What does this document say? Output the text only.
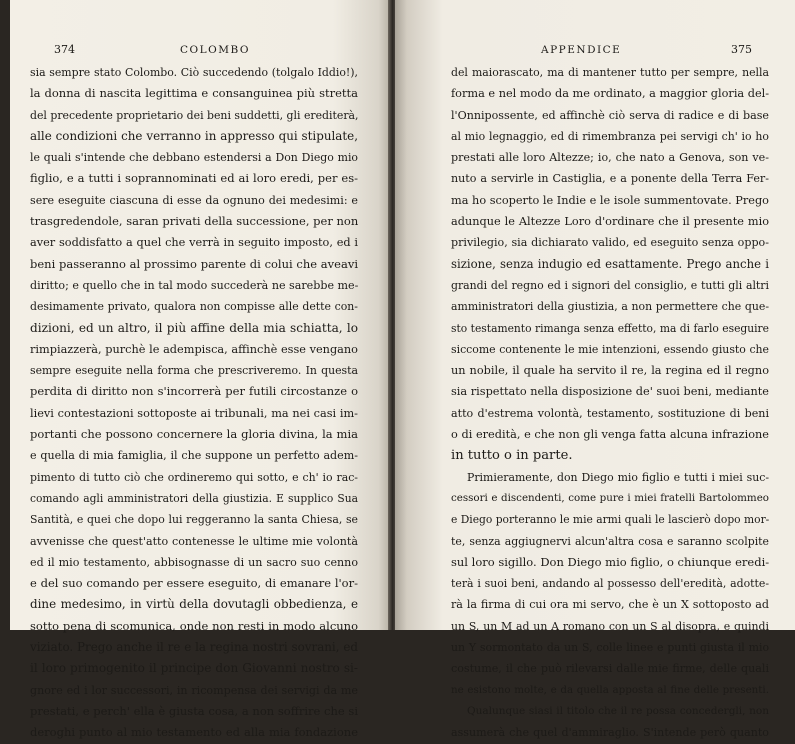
374	COLOMBO
sia sempre stato Colombo. Ciò succedendo (tolgalo Iddio!),
la donna di nascita legittima e consanguinea più stretta
del precedente proprietario dei beni suddetti, gli erediterà,
alle condizioni che verranno in appresso qui stipulate,
le quali s'intende che debbano estendersi a Don Diego mio
figlio, e a tutti i soprannominati ed ai loro eredi, per es-
sere eseguite ciascuna di esse da ognuno dei medesimi: e
trasgredendole, saran privati della successione, per non
aver soddisfatto a quel che verrà in seguito imposto, ed i
beni passeranno al prossimo parente di colui che aveavi
diritto; e quello che in tal modo succederà ne sarebbe me-
desimamente privato, qualora non compisse alle dette con-
dizioni, ed un altro, il più affine della mia schiatta, lo
rimpiazzerà, purchè le adempisca, affinchè esse vengano
sempre eseguite nella forma che prescriveremo. In questa
perdita di diritto non s'incorrerà per futili circostanze o
lievi contestazioni sottoposte ai tribunali, ma nei casi im-
portanti che possono concernere la gloria divina, la mia
e quella di mia famiglia, il che suppone un perfetto adem-
pimento di tutto ciò che ordineremo qui sotto, e ch' io rac-
comando agli amministratori della giustizia. E supplico Sua
Santità, e quei che dopo lui reggeranno la santa Chiesa, se
avvenisse che quest'atto contenesse le ultime mie volontà
ed il mio testamento, abbisognasse di un sacro suo cenno
e del suo comando per essere eseguito, di emanare l'or-
dine medesimo, in virtù della dovutagli obbedienza, e
sotto pena di scomunica, onde non resti in modo alcuno
viziato. Prego anche il re e la regina nostri sovrani, ed
il loro primogenito il principe don Giovanni nostro si-
gnore ed i lor successori, in ricompensa dei servigi da me
prestati, e perch' ella è giusta cosa, a non soffrire che si
deroghi punto al mio testamento ed alla mia fondazione
APPENDICE	375
del maiorascato, ma di mantener tutto per sempre, nella
forma e nel modo da me ordinato, a maggior gloria del-
l'Onnipossente, ed affinchè ciò serva di radice e di base
al mio legnaggio, ed di rimembranza pei servigi ch' io ho
prestati alle loro Altezze; io, che nato a Genova, son ve-
nuto a servirle in Castiglia, e a ponente della Terra Fer-
ma ho scoperto le Indie e le isole summentovate. Prego
adunque le Altezze Loro d'ordinare che il presente mio
privilegio, sia dichiarato valido, ed eseguito senza oppo-
sizione, senza indugio ed esattamente. Prego anche i
grandi del regno ed i signori del consiglio, e tutti gli altri
amministratori della giustizia, a non permettere che que-
sto testamento rimanga senza effetto, ma di farlo eseguire
siccome contenente le mie intenzioni, essendo giusto che
un nobile, il quale ha servito il re, la regina ed il regno
sia rispettato nella disposizione de' suoi beni, mediante
atto d'estrema volontà, testamento, sostituzione di beni
o di eredità, e che non gli venga fatta alcuna infrazione
in tutto o in parte.
Primieramente, don Diego mio figlio e tutti i miei suc-
cessori e discendenti, come pure i miei fratelli Bartolommeo
e Diego porteranno le mie armi quali le lascierò dopo mor-
te, senza aggiugnervi alcun'altra cosa e saranno scolpite
sul loro sigillo. Don Diego mio figlio, o chiunque eredi-
terà i suoi beni, andando al possesso dell'eredità, adotte-
rà la firma di cui ora mi servo, che è un X sottoposto ad
un S, un M ad un A romano con un S al disopra, e quindi
un Y sormontato da un S, colle linee e punti giusta il mio
costume, il che può rilevarsi dalle mie firme, delle quali
ne esistono molte, e da quella apposta al fine delle presenti.
Qualunque siasi il titolo che il re possa concedergli, non
assumerà che quel d'ammiraglio. S'intende però quanto
